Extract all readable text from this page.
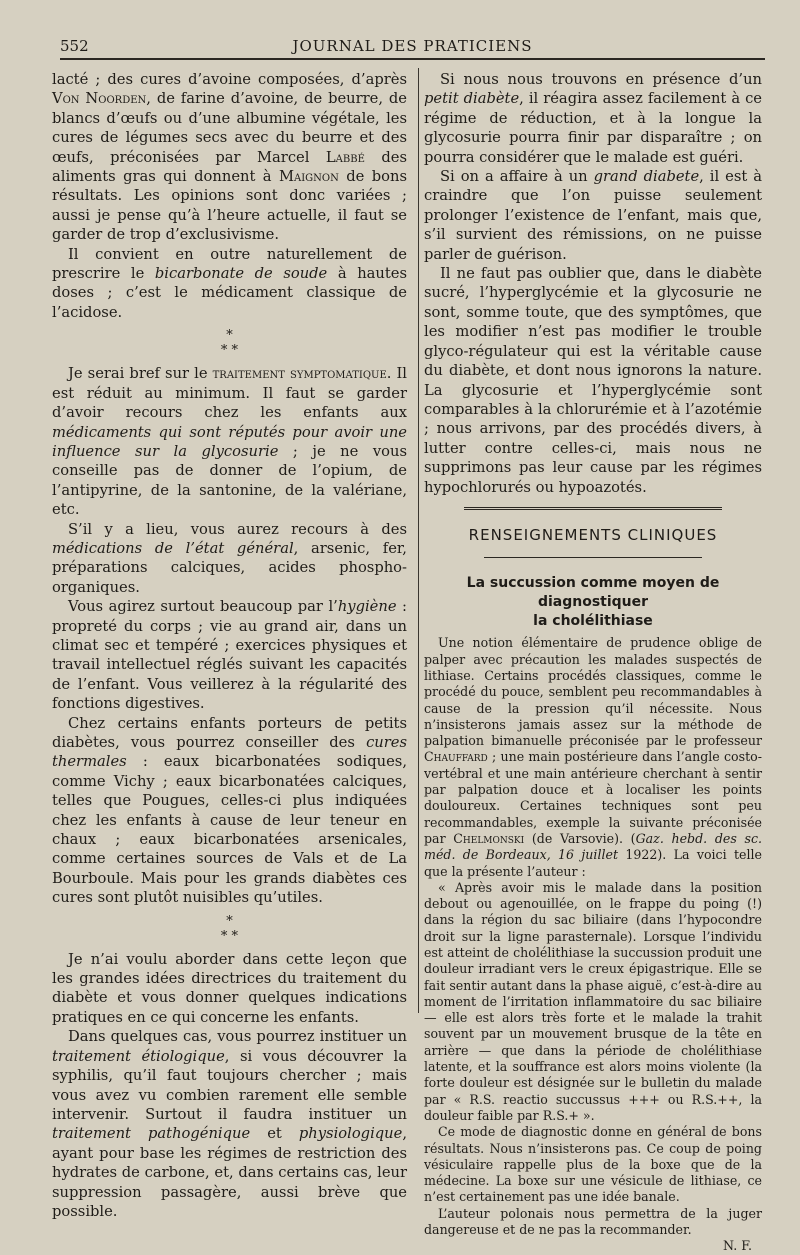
552	JOURNAL DES PRATICIENS

lacté ; des cures d’avoine composées, d’après Von Noorden, de farine d’avoine, de beurre, de blancs d’œufs ou d’une albumine végétale, les cures de légumes secs avec du beurre et des œufs, préconisées par Marcel Labbé des aliments gras qui donnent à Maignon de bons résultats. Les opinions sont donc variées ; aussi je pense qu’à l’heure actuelle, il faut se garder de trop d’exclusivisme.

Il convient en outre naturellement de prescrire le bicarbonate de soude à hautes doses ; c’est le médicament classique de l’acidose.

*
* *

Je serai bref sur le traitement symptomatique. Il est réduit au minimum. Il faut se garder d’avoir recours chez les enfants aux médicaments qui sont réputés pour avoir une influence sur la glycosurie ; je ne vous conseille pas de donner de l’opium, de l’antipyrine, de la santonine, de la valériane, etc.

S’il y a lieu, vous aurez recours à des médications de l’état général, arsenic, fer, préparations calciques, acides phospho-organiques.

Vous agirez surtout beaucoup par l’hygiène : propreté du corps ; vie au grand air, dans un climat sec et tempéré ; exercices physiques et travail intellectuel réglés suivant les capacités de l’enfant. Vous veillerez à la régularité des fonctions digestives.

Chez certains enfants porteurs de petits diabètes, vous pourrez conseiller des cures thermales : eaux bicarbonatées sodiques, comme Vichy ; eaux bicarbonatées calciques, telles que Pougues, celles-ci plus indiquées chez les enfants à cause de leur teneur en chaux ; eaux bicarbonatées arsenicales, comme certaines sources de Vals et de La Bourboule. Mais pour les grands diabètes ces cures sont plutôt nuisibles qu’utiles.

*
* *

Je n’ai voulu aborder dans cette leçon que les grandes idées directrices du traitement du diabète et vous donner quelques indications pratiques en ce qui concerne les enfants.

Dans quelques cas, vous pourrez instituer un traitement étiologique, si vous découvrer la syphilis, qu’il faut toujours chercher ; mais vous avez vu combien rarement elle semble intervenir. Surtout il faudra instituer un traitement pathogénique et physiologique, ayant pour base les régimes de restriction des hydrates de carbone, et, dans certains cas, leur suppression passagère, aussi brève que possible.

Si nous nous trouvons en présence d’un petit diabète, il réagira assez facilement à ce régime de réduction, et à la longue la glycosurie pourra finir par disparaître ; on pourra considérer que le malade est guéri.

Si on a affaire à un grand diabete, il est à craindre que l’on puisse seulement prolonger l’existence de l’enfant, mais que, s’il survient des rémissions, on ne puisse parler de guérison.

Il ne faut pas oublier que, dans le diabète sucré, l’hyperglycémie et la glycosurie ne sont, somme toute, que des symptômes, que les modifier n’est pas modifier le trouble glyco-régulateur qui est la véritable cause du diabète, et dont nous ignorons la nature. La glycosurie et l’hyperglycémie sont comparables à la chlorurémie et à l’azotémie ; nous arrivons, par des procédés divers, à lutter contre celles-ci, mais nous ne supprimons pas leur cause par les régimes hypochlorurés ou hypoazotés.

RENSEIGNEMENTS CLINIQUES
La succussion comme moyen de diagnostiquer
la cholélithiase

Une notion élémentaire de prudence oblige de palper avec précaution les malades suspectés de lithiase. Certains procédés classiques, comme le procédé du pouce, semblent peu recommandables à cause de la pression qu’il nécessite. Nous n’insisterons jamais assez sur la méthode de palpation bimanuelle préconisée par le professeur Chauffard ; une main postérieure dans l’angle costo-vertébral et une main antérieure cherchant à sentir par palpation douce et à localiser les points douloureux. Certaines techniques sont peu recommandables, exemple la suivante préconisée par Chelmonski (de Varsovie). (Gaz. hebd. des sc. méd. de Bordeaux, 16 juillet 1922). La voici telle que la présente l’auteur :

« Après avoir mis le malade dans la position debout ou agenouillée, on le frappe du poing (!) dans la région du sac biliaire (dans l’hypocondre droit sur la ligne parasternale). Lorsque l’individu est atteint de cholélithiase la succussion produit une douleur irradiant vers le creux épigastrique. Elle se fait sentir autant dans la phase aiguë, c’est-à-dire au moment de l’irritation inflammatoire du sac biliaire — elle est alors très forte et le malade la trahit souvent par un mouvement brusque de la tête en arrière — que dans la période de cholélithiase latente, et la souffrance est alors moins violente (la forte douleur est désignée sur le bulletin du malade par « R.S. reactio succussus +++ ou R.S.++, la douleur faible par R.S.+ ».

Ce mode de diagnostic donne en général de bons résultats. Nous n’insisterons pas. Ce coup de poing vésiculaire rappelle plus de la boxe que de la médecine. La boxe sur une vésicule de lithiase, ce n’est certainement pas une idée banale.

L’auteur polonais nous permettra de la juger dangereuse et de ne pas la recommander.

N. F.
